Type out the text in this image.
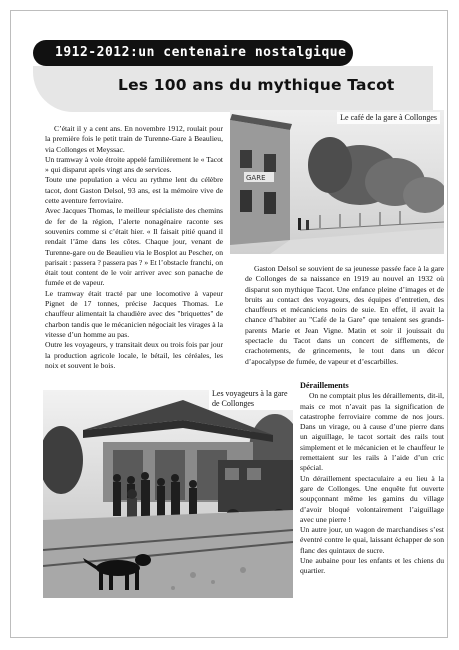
1912-2012:un centenaire nostalgique
Les 100 ans du mythique Tacot

C’était il y a cent ans. En novembre 1912, roulait pour la première fois le petit train de Turenne-Gare à Beaulieu, via Collonges et Meyssac.

Un tramway à voie étroite appelé familièrement le « Tacot » qui disparut après vingt ans de services.

Toute une population a vécu au rythme lent du célèbre tacot, dont Gaston Delsol, 93 ans, est la mémoire vive de cette aventure ferroviaire.

Avec Jacques Thomas, le meilleur spécialiste des chemins de fer de la région, l’alerte nonagénaire raconte ses souvenirs comme si c’était hier. « Il faisait pitié quand il rendait l’âme dans les côtes. Chaque jour, venant de Turenne-gare ou de Beaulieu via le Bosplot au Pescher, on parisait : passera ? passera pas ? » Et l’obstacle franchi, on était tout content de le voir arriver avec son panache de fumée et de vapeur.

Le tramway était tracté par une locomotive à vapeur Pignet de 17 tonnes, précise Jacques Thomas. Le chauffeur alimentait la chaudière avec des "briquettes" de charbon tandis que le mécanicien négociait les virages à la vitesse d’un homme au pas.

Outre les voyageurs, y transitait deux ou trois fois par jour la production agricole locale, le bétail, les céréales, les noix et souvent le bois.

GARE
Le café de la gare à Collonges

Gaston Delsol se souvient de sa jeunesse passée face à la gare de Collonges de sa naissance en 1919 au nouvel an 1932 où disparut son mythique Tacot. Une enfance pleine d’images et de bruits au contact des voyageurs, des équipes d’entretien, des chauffeurs et mécaniciens noirs de suie. En effet, il avait la chance d’habiter au "Café de la Gare" que tenaient ses grands-parents Marie et Jean Vigne. Matin et soir il jouissait du spectacle du Tacot dans un concert de sifflements, de crachotements, de grincements, le tout dans un décor d’apocalypse de fumée, de vapeur et d’escarbilles.

Les voyageurs à la gare de Collonges

Déraillements

On ne comptait plus les déraillements, dit-il, mais ce mot n’avait pas la signification de catastrophe ferroviaire comme de nos jours. Dans un virage, ou à cause d’une pierre dans un aiguillage, le tacot sortait des rails tout simplement et le mécanicien et le chauffeur le remettaient sur les rails à l’aide d’un cric spécial.

Un déraillement spectaculaire a eu lieu à la gare de Collonges. Une enquête fut ouverte soupçonnant même les gamins du village d’avoir bloqué volontairement l’aiguillage avec une pierre !

Un autre jour, un wagon de marchandises s’est éventré contre le quai, laissant échapper de son flanc des quintaux de sucre.

Une aubaine pour les enfants et les chiens du quartier.
